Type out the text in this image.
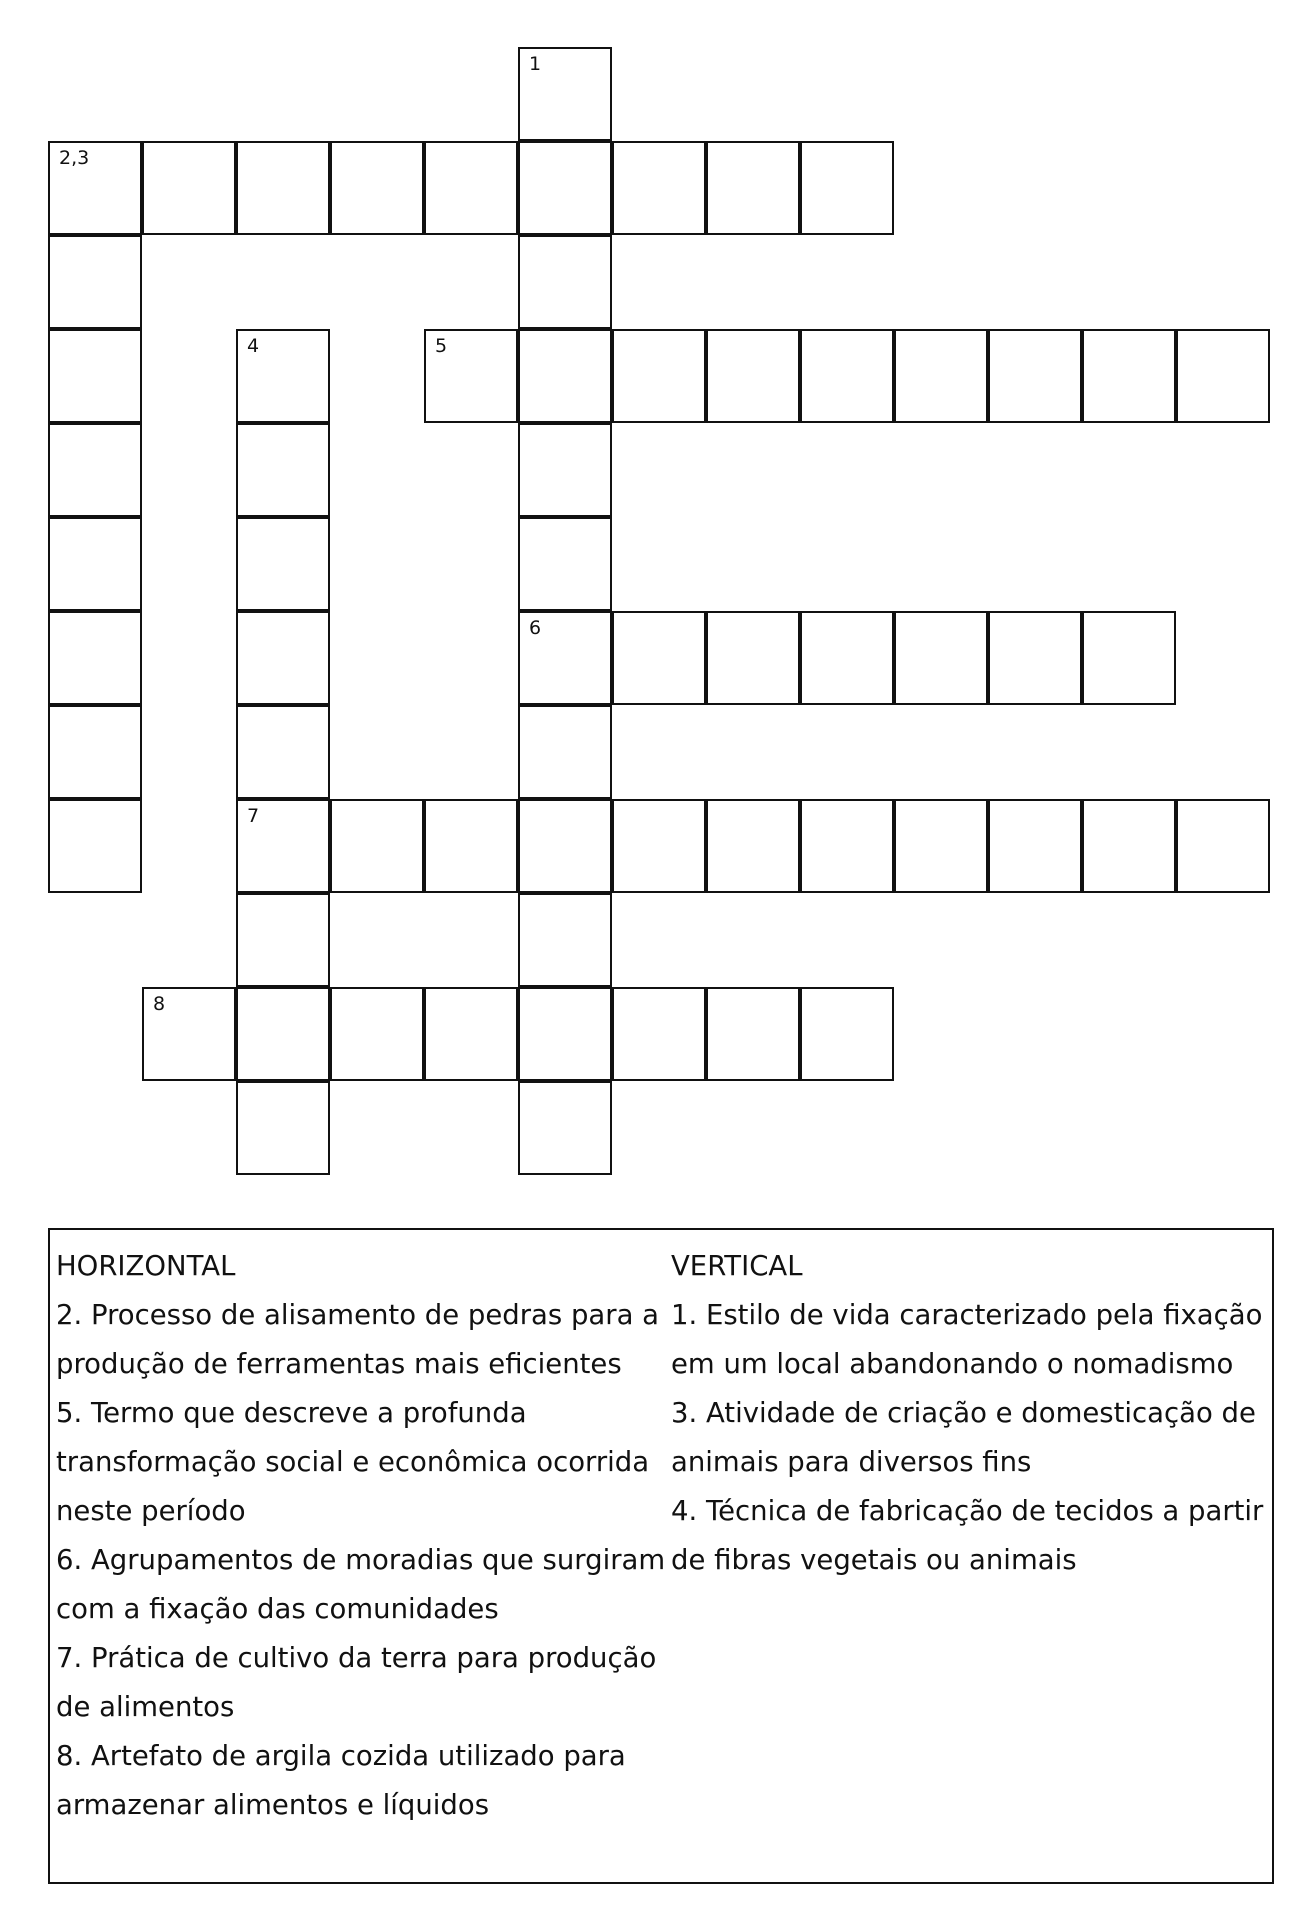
1
2,3
4	5
6
7
8
HORIZONTAL
2. Processo de alisamento de pedras para a
produção de ferramentas mais eficientes
5. Termo que descreve a profunda
transformação social e econômica ocorrida
neste período
6. Agrupamentos de moradias que surgiram
com a fixação das comunidades
7. Prática de cultivo da terra para produção
de alimentos
8. Artefato de argila cozida utilizado para
armazenar alimentos e líquidos
VERTICAL
1. Estilo de vida caracterizado pela fixação
em um local abandonando o nomadismo
3. Atividade de criação e domesticação de
animais para diversos fins
4. Técnica de fabricação de tecidos a partir
de fibras vegetais ou animais
